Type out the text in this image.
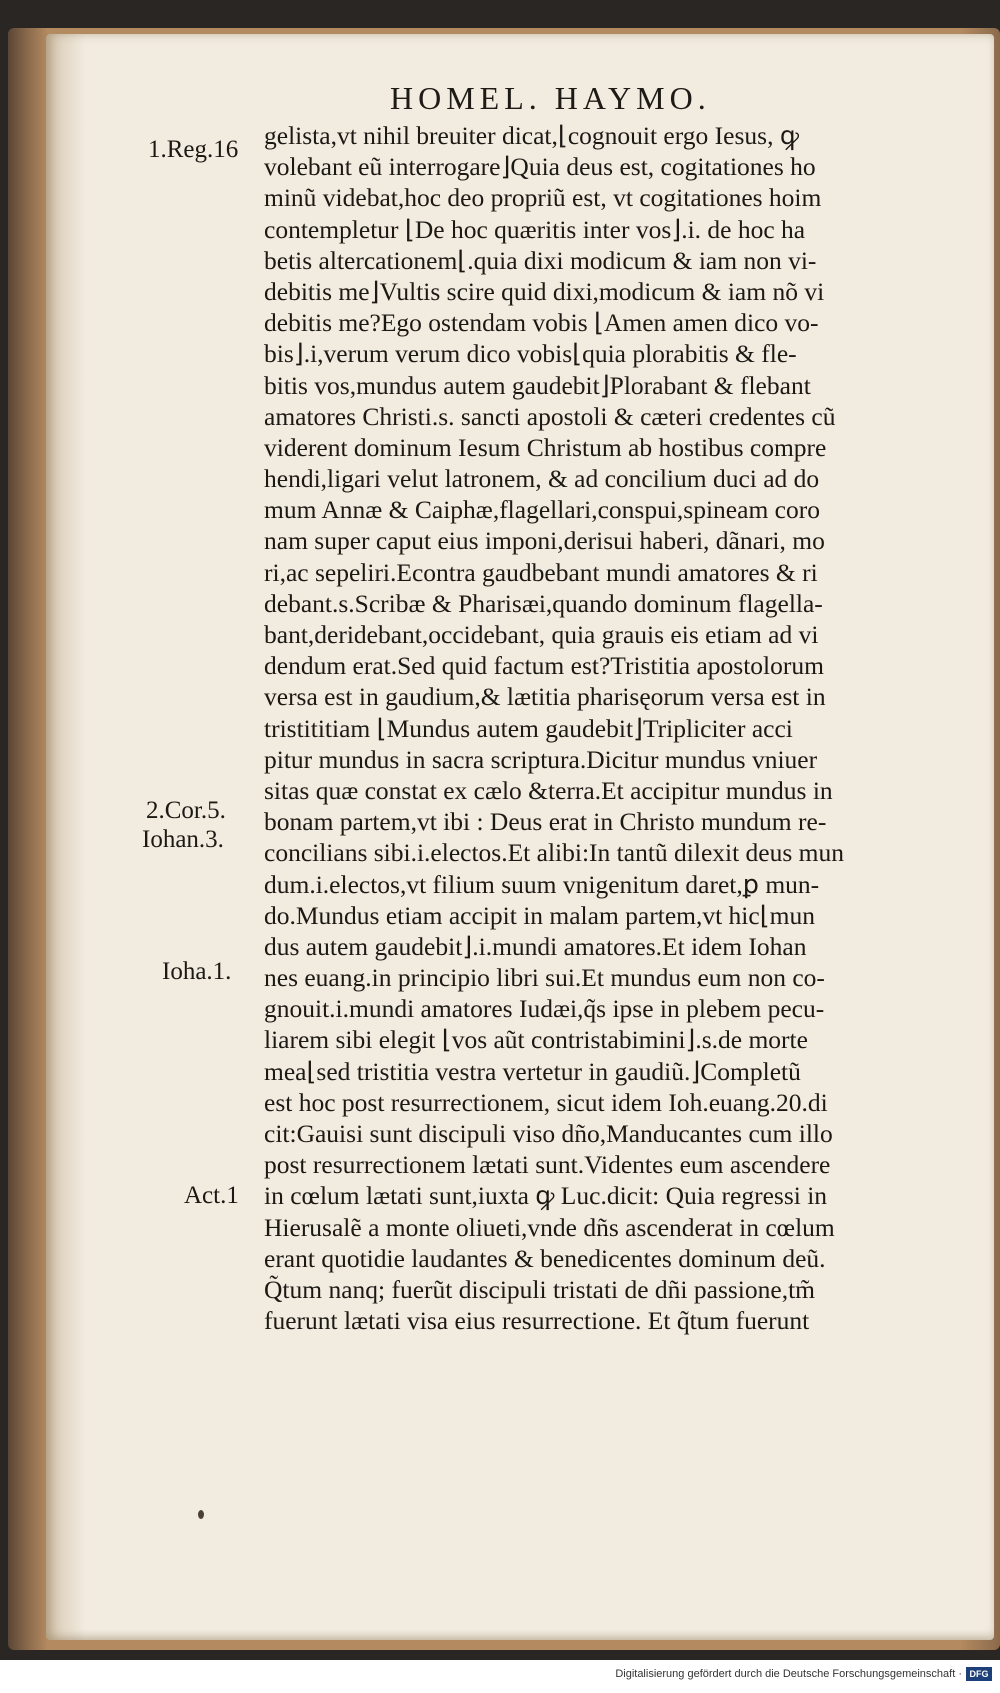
HOMEL. HAYMO.
1.Reg.16
2.Cor.5.
Iohan.3.
Ioha.1.
Act.1
gelista,vt nihil breuiter dicat,⌊cognouit ergo Iesus, ꝙ
volebant eũ interrogare⌋Quia deus est, cogitationes ho
minũ videbat,hoc deo propriũ est, vt cogitationes hoim
contempletur ⌊De hoc quæritis inter vos⌋.i. de hoc ha
betis altercationem⌊.quia dixi modicum & iam non vi-
debitis me⌋Vultis scire quid dixi,modicum & iam nõ vi
debitis me?Ego ostendam vobis ⌊Amen amen dico vo-
bis⌋.i,verum verum dico vobis⌊quia plorabitis & fle-
bitis vos,mundus autem gaudebit⌋Plorabant & flebant
amatores Christi.s. sancti apostoli & cæteri credentes cũ
viderent dominum Iesum Christum ab hostibus compre
hendi,ligari velut latronem, & ad concilium duci ad do
mum Annæ & Caiphæ,flagellari,conspui,spineam coro
nam super caput eius imponi,derisui haberi, dãnari, mo
ri,ac sepeliri.Econtra gaudbebant mundi amatores & ri
debant.s.Scribæ & Pharisæi,quando dominum flagella-
bant,deridebant,occidebant, quia grauis eis etiam ad vi
dendum erat.Sed quid factum est?Tristitia apostolorum
versa est in gaudium,& lætitia pharisęorum versa est in
tristititiam ⌊Mundus autem gaudebit⌋Tripliciter acci
pitur mundus in sacra scriptura.Dicitur mundus vniuer
sitas quæ constat ex cælo &terra.Et accipitur mundus in
bonam partem,vt ibi : Deus erat in Christo mundum re-
concilians sibi.i.electos.Et alibi:In tantũ dilexit deus mun
dum.i.electos,vt filium suum vnigenitum daret,ꝑ mun-
do.Mundus etiam accipit in malam partem,vt hic⌊mun
dus autem gaudebit⌋.i.mundi amatores.Et idem Iohan
nes euang.in principio libri sui.Et mundus eum non co-
gnouit.i.mundi amatores Iudæi,q̃s ipse in plebem pecu-
liarem sibi elegit ⌊vos aũt contristabimini⌋.s.de morte
mea⌊sed tristitia vestra vertetur in gaudiũ.⌋Completũ
est hoc post resurrectionem, sicut idem Ioh.euang.20.di
cit:Gauisi sunt discipuli viso dño,Manducantes cum illo
post resurrectionem lætati sunt.Videntes eum ascendere
in cœlum lætati sunt,iuxta ꝙ Luc.dicit: Quia regressi in
Hierusalẽ a monte oliueti,vnde dñs ascenderat in cœlum
erant quotidie laudantes & benedicentes dominum deũ.
Q̃tum nanq; fuerũt discipuli tristati de dñi passione,tm̃
fuerunt lætati visa eius resurrectione. Et q̃tum fuerunt
Digitalisierung gefördert durch die Deutsche Forschungsgemeinschaft · DFG
